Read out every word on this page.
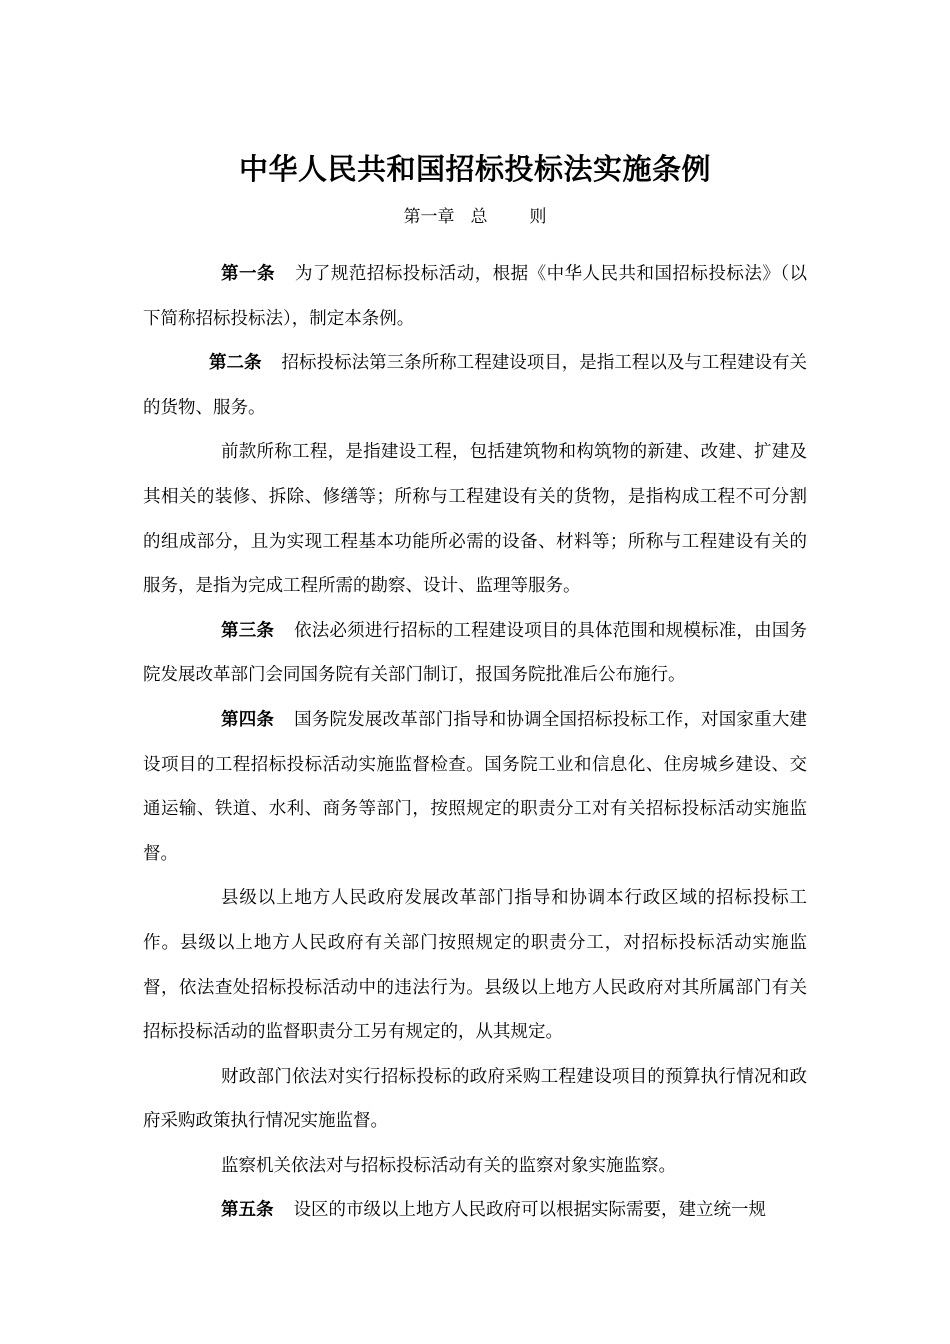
中华人民共和国招标投标法实施条例
第一章 总 则

第一条 为了规范招标投标活动，根据《中华人民共和国招标投标法》（以下简称招标投标法），制定本条例。

第二条 招标投标法第三条所称工程建设项目，是指工程以及与工程建设有关的货物、服务。

前款所称工程，是指建设工程，包括建筑物和构筑物的新建、改建、扩建及其相关的装修、拆除、修缮等；所称与工程建设有关的货物，是指构成工程不可分割的组成部分，且为实现工程基本功能所必需的设备、材料等；所称与工程建设有关的服务，是指为完成工程所需的勘察、设计、监理等服务。

第三条 依法必须进行招标的工程建设项目的具体范围和规模标准，由国务院发展改革部门会同国务院有关部门制订，报国务院批准后公布施行。

第四条 国务院发展改革部门指导和协调全国招标投标工作，对国家重大建设项目的工程招标投标活动实施监督检查。国务院工业和信息化、住房城乡建设、交通运输、铁道、水利、商务等部门，按照规定的职责分工对有关招标投标活动实施监督。

县级以上地方人民政府发展改革部门指导和协调本行政区域的招标投标工作。县级以上地方人民政府有关部门按照规定的职责分工，对招标投标活动实施监督，依法查处招标投标活动中的违法行为。县级以上地方人民政府对其所属部门有关招标投标活动的监督职责分工另有规定的，从其规定。

财政部门依法对实行招标投标的政府采购工程建设项目的预算执行情况和政府采购政策执行情况实施监督。

监察机关依法对与招标投标活动有关的监察对象实施监察。

第五条 设区的市级以上地方人民政府可以根据实际需要，建立统一规
